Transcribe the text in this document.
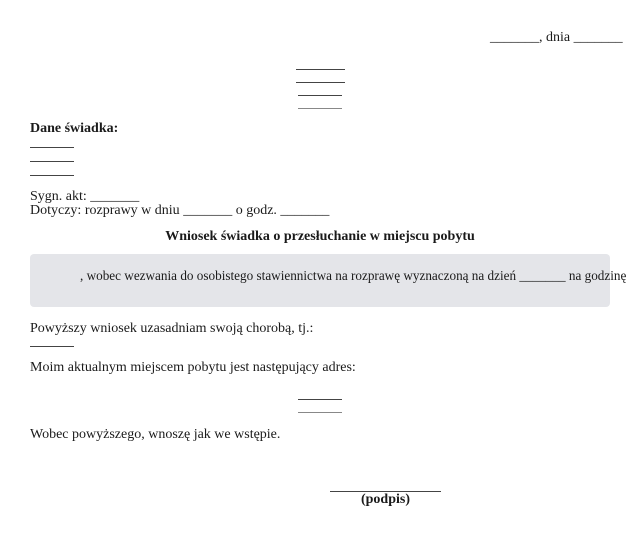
_______, dnia _______
Dane świadka:
Sygn. akt: _______
Dotyczy: rozprawy w dniu _______ o godz. _______
Wniosek świadka o przesłuchanie w miejscu pobytu
, wobec wezwania do osobistego stawiennictwa na rozprawę wyznaczoną na dzień _______ na godzinę
Powyższy wniosek uzasadniam swoją chorobą, tj.:
Moim aktualnym miejscem pobytu jest następujący adres:
Wobec powyższego, wnoszę jak we wstępie.
(podpis)
